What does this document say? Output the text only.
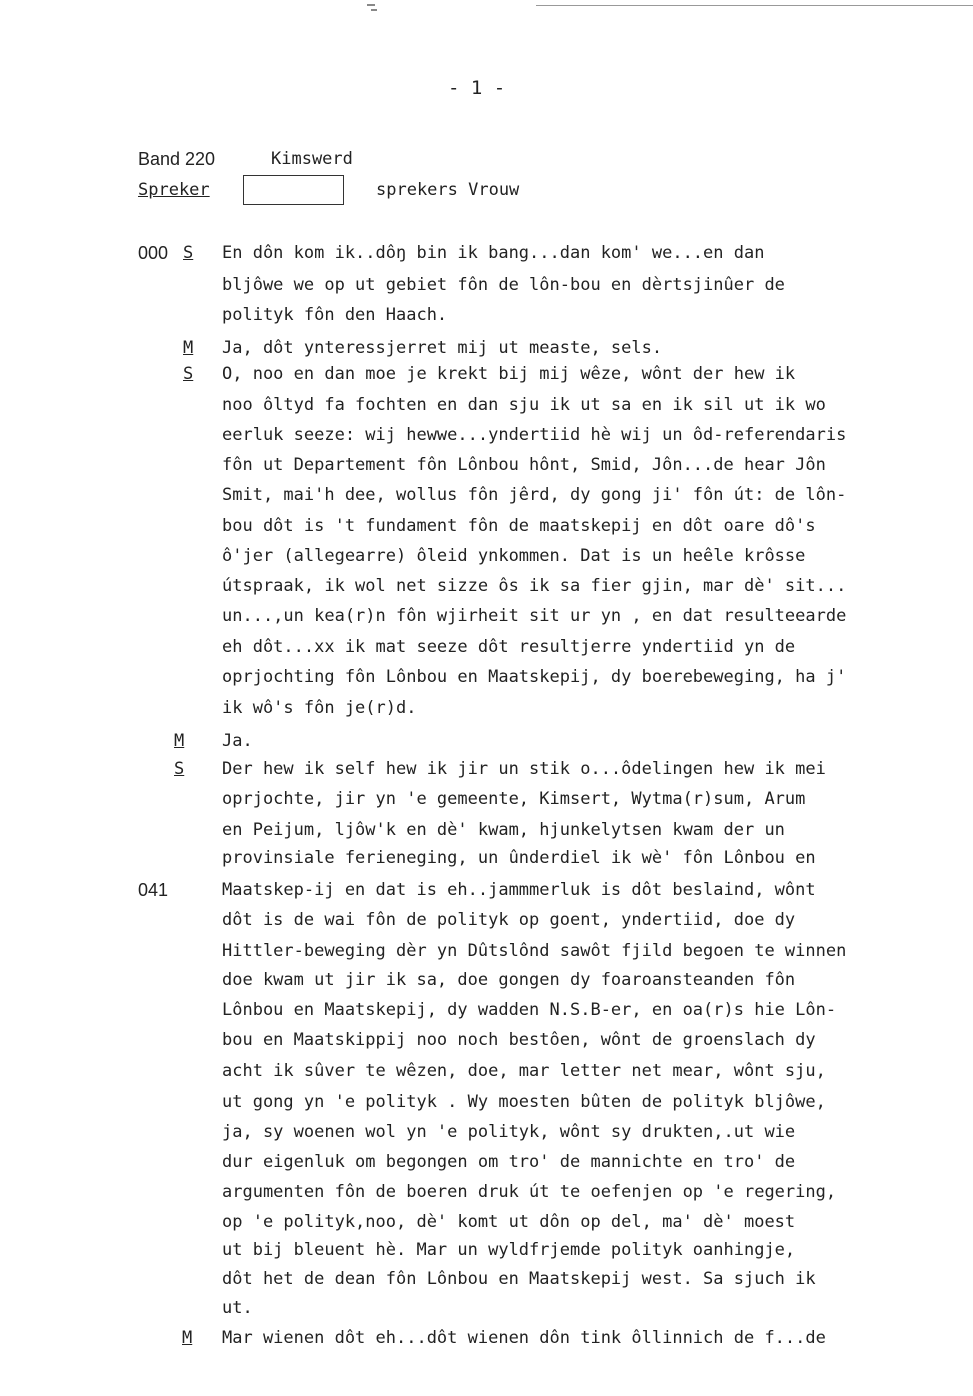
- 1 -
Band 220	Kimswerd
Spreker	sprekers Vrouw
000
041
S
M
S
M
S
M
En dôn kom ik..dôŋ bin ik bang...dan kom' we...en dan
bljôwe we op ut gebiet fôn de lôn-bou en dèrtsjinûer de
polityk fôn den Haach.
Ja, dôt ynteressjerret mij ut measte, sels.
O, noo en dan moe je krekt bij mij wêze, wônt der hew ik
noo ôltyd fa fochten en dan sju ik ut sa en ik sil ut ik wo
eerluk seeze: wij hewwe...yndertiid hè wij un ôd-referendaris
fôn ut Departement fôn Lônbou hônt, Smid, Jôn...de hear Jôn
Smit, mai'h dee, wollus fôn jêrd, dy gong ji' fôn út: de lôn-
bou dôt is 't fundament fôn de maatskepij en dôt oare dô's
ô'jer (allegearre) ôleid ynkommen. Dat is un heêle krôsse
útspraak, ik wol net sizze ôs ik sa fier gjin, mar dè' sit...
un...,un kea(r)n fôn wjirheit sit ur yn , en dat resulteearde
eh dôt...xx ik mat seeze dôt resultjerre yndertiid yn de
oprjochting fôn Lônbou en Maatskepij, dy boerebeweging, ha j'
ik wô's fôn je(r)d.
Ja.
Der hew ik self hew ik jir un stik o...ôdelingen hew ik mei
oprjochte, jir yn 'e gemeente, Kimsert, Wytma(r)sum, Arum
en Peijum, ljôw'k en dè' kwam, hjunkelytsen kwam der un
provinsiale ferieneging, un ûnderdiel ik wè' fôn Lônbou en
Maatskep-ij en dat is eh..jammmerluk is dôt beslaind, wônt
dôt is de wai fôn de polityk op goent, yndertiid, doe dy
Hittler-beweging dèr yn Dûtslônd sawôt fjild begoen te winnen
doe kwam ut jir ik sa, doe gongen dy foaroansteanden fôn
Lônbou en Maatskepij, dy wadden N.S.B-er, en oa(r)s hie Lôn-
bou en Maatskippij noo noch bestôen, wônt de groenslach dy
acht ik sûver te wêzen, doe, mar letter net mear, wônt sju,
ut gong yn 'e polityk . Wy moesten bûten de polityk bljôwe,
ja, sy woenen wol yn 'e polityk, wônt sy drukten,.ut wie
dur eigenluk om begongen om tro' de mannichte en tro' de
argumenten fôn de boeren druk út te oefenjen op 'e regering,
op 'e polityk,noo, dè' komt ut dôn op del, ma' dè' moest
ut bij bleuent hè. Mar un wyldfrjemde polityk oanhingje,
dôt het de dean fôn Lônbou en Maatskepij west. Sa sjuch ik
ut.
Mar wienen dôt eh...dôt wienen dôn tink ôllinnich de f...de
